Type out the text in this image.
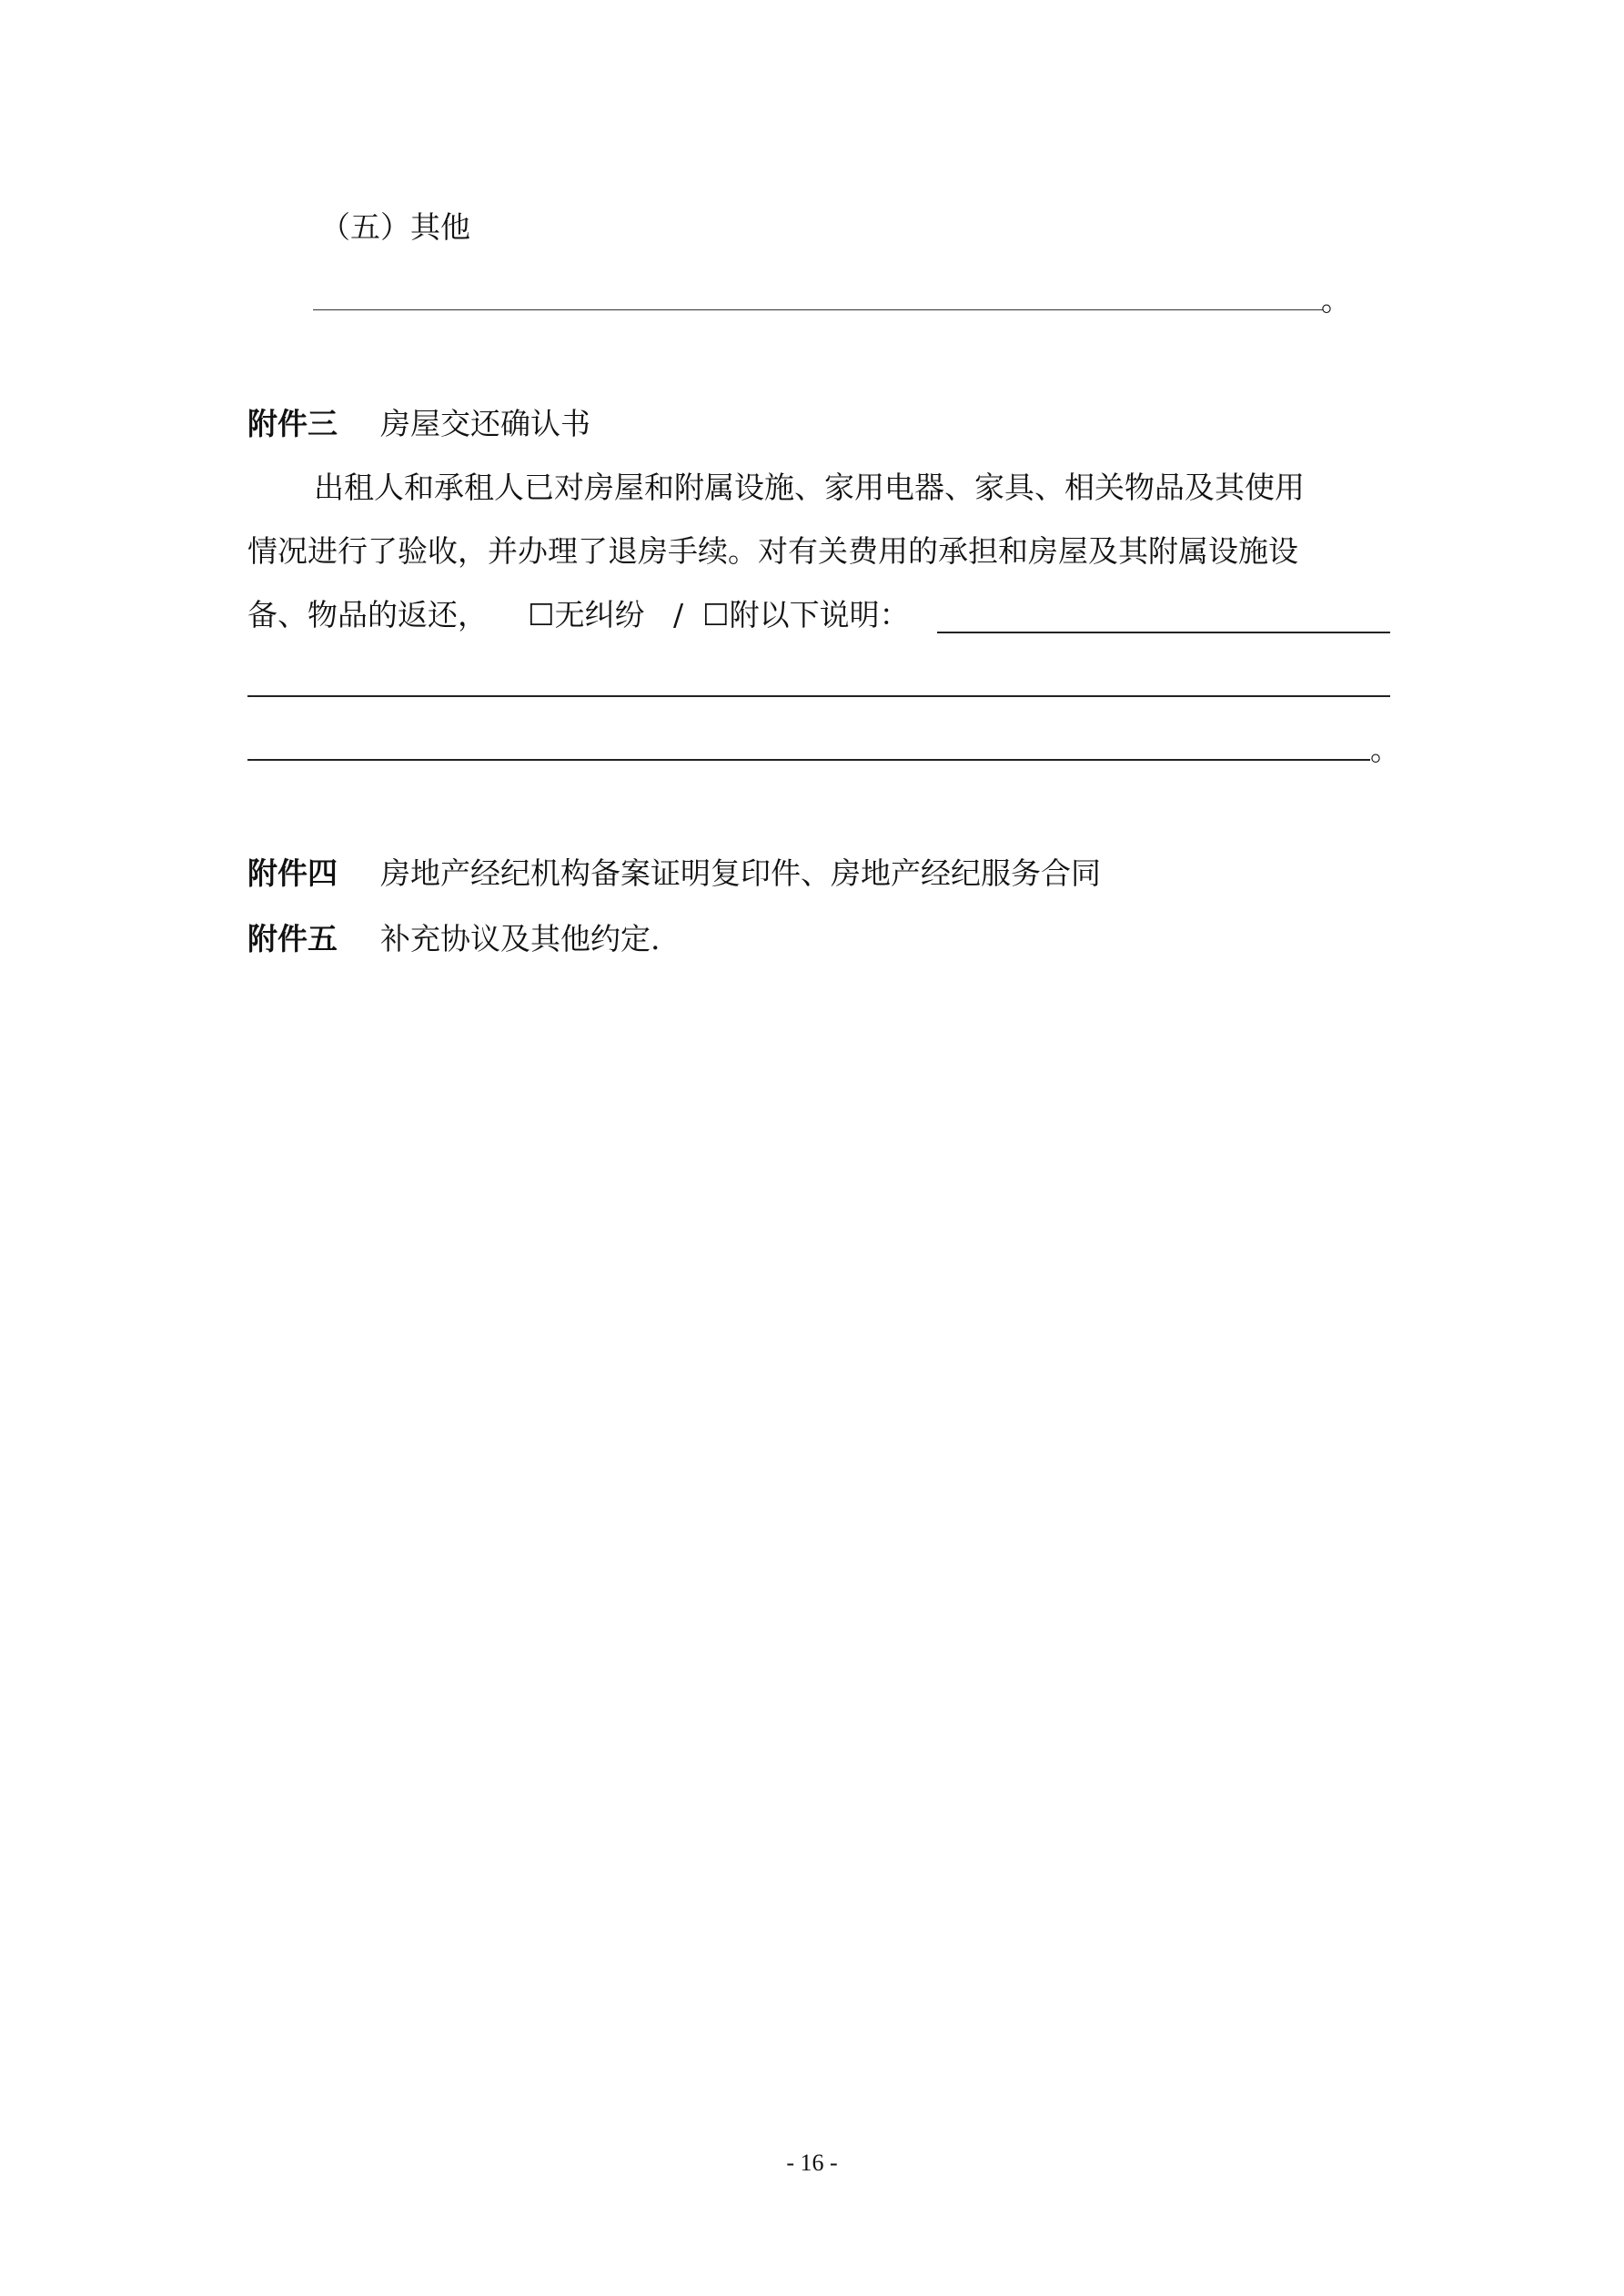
（五）其他
。
附件三 房屋交还确认书
出租人和承租人已对房屋和附属设施、家用电器、家具、相关物品及其使用
情况进行了验收，并办理了退房手续。对有关费用的承担和房屋及其附属设施设
备、物品的返还， ☐无纠纷 / ☐附以下说明：
。
附件四 房地产经纪机构备案证明复印件、房地产经纪服务合同
附件五 补充协议及其他约定.
- 16 -
